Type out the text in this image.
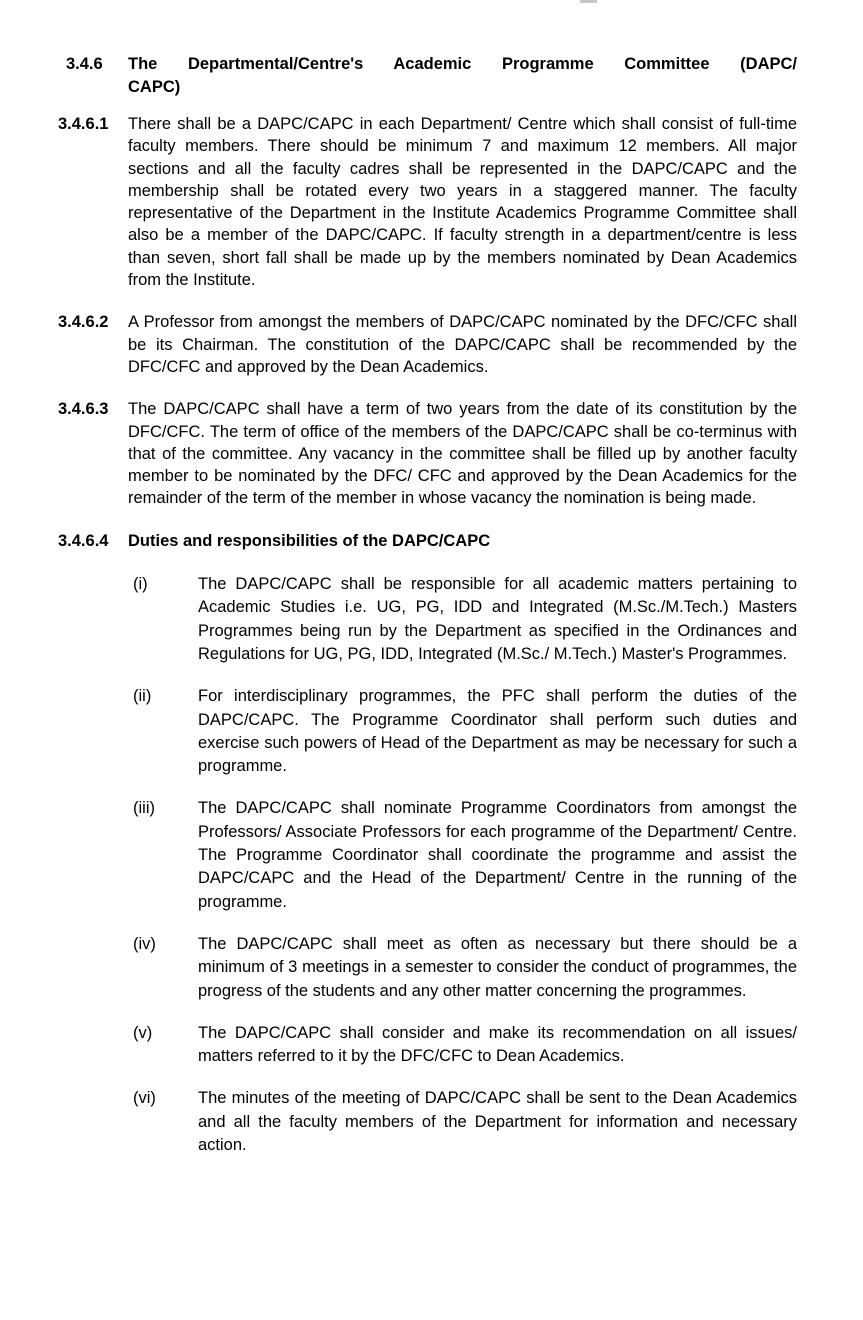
3.4.6	The Departmental/Centre's Academic Programme Committee (DAPC/
CAPC)
3.4.6.1	There shall be a DAPC/CAPC in each Department/ Centre which shall consist of full-time faculty members. There should be minimum 7 and maximum 12 members. All major sections and all the faculty cadres shall be represented in the DAPC/CAPC and the membership shall be rotated every two years in a staggered manner. The faculty representative of the Department in the Institute Academics Programme Committee shall also be a member of the DAPC/CAPC. If faculty strength in a department/centre is less than seven, short fall shall be made up by the members nominated by Dean Academics from the Institute.
3.4.6.2	A Professor from amongst the members of DAPC/CAPC nominated by the DFC/CFC shall be its Chairman. The constitution of the DAPC/CAPC shall be recommended by the DFC/CFC and approved by the Dean Academics.
3.4.6.3	The DAPC/CAPC shall have a term of two years from the date of its constitution by the DFC/CFC. The term of office of the members of the DAPC/CAPC shall be co-terminus with that of the committee. Any vacancy in the committee shall be filled up by another faculty member to be nominated by the DFC/ CFC and approved by the Dean Academics for the remainder of the term of the member in whose vacancy the nomination is being made.
3.4.6.4	Duties and responsibilities of the DAPC/CAPC
(i)	The DAPC/CAPC shall be responsible for all academic matters pertaining to Academic Studies i.e. UG, PG, IDD and Integrated (M.Sc./M.Tech.) Masters Programmes being run by the Department as specified in the Ordinances and Regulations for UG, PG, IDD, Integrated (M.Sc./ M.Tech.) Master's Programmes.
(ii)	For interdisciplinary programmes, the PFC shall perform the duties of the DAPC/CAPC. The Programme Coordinator shall perform such duties and exercise such powers of Head of the Department as may be necessary for such a programme.
(iii)	The DAPC/CAPC shall nominate Programme Coordinators from amongst the Professors/ Associate Professors for each programme of the Department/ Centre. The Programme Coordinator shall coordinate the programme and assist the DAPC/CAPC and the Head of the Department/ Centre in the running of the programme.
(iv)	The DAPC/CAPC shall meet as often as necessary but there should be a minimum of 3 meetings in a semester to consider the conduct of programmes, the progress of the students and any other matter concerning the programmes.
(v)	The DAPC/CAPC shall consider and make its recommendation on all issues/ matters referred to it by the DFC/CFC to Dean Academics.
(vi)	The minutes of the meeting of DAPC/CAPC shall be sent to the Dean Academics and all the faculty members of the Department for information and necessary action.
